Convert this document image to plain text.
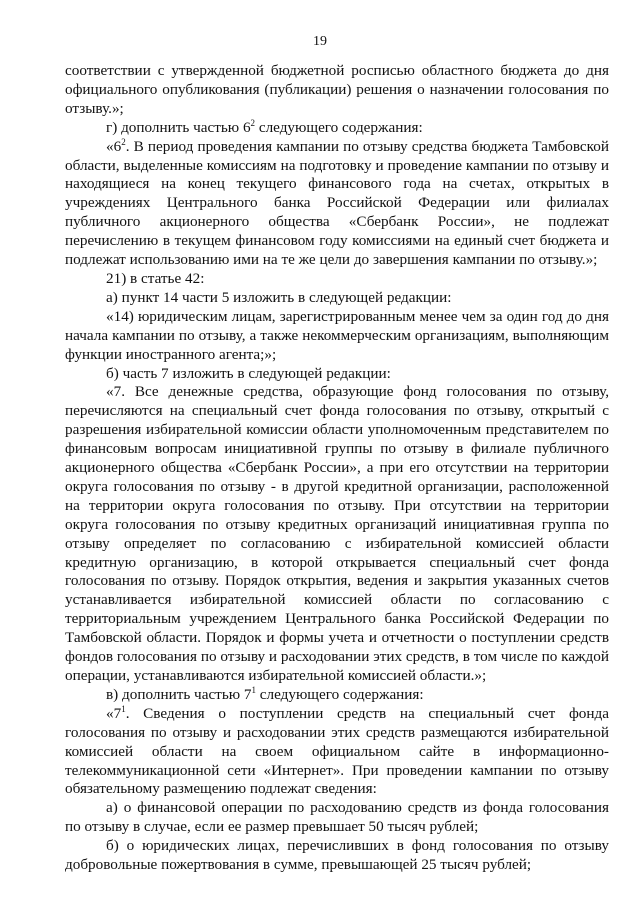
19

соответствии с утвержденной бюджетной росписью областного бюджета до дня официального опубликования (публикации) решения о назначении голосования по отзыву.»;

г) дополнить частью $6^2$ следующего содержания:

«$6^2$. В период проведения кампании по отзыву средства бюджета Тамбовской области, выделенные комиссиям на подготовку и проведение кампании по отзыву и находящиеся на конец текущего финансового года на счетах, открытых в учреждениях Центрального банка Российской Федерации или филиалах публичного акционерного общества «Сбербанк России», не подлежат перечислению в текущем финансовом году комиссиями на единый счет бюджета и подлежат использованию ими на те же цели до завершения кампании по отзыву.»;

21) в статье 42:

а) пункт 14 части 5 изложить в следующей редакции:

«14) юридическим лицам, зарегистрированным менее чем за один год до дня начала кампании по отзыву, а также некоммерческим организациям, выполняющим функции иностранного агента;»;

б) часть 7 изложить в следующей редакции:

«7. Все денежные средства, образующие фонд голосования по отзыву, перечисляются на специальный счет фонда голосования по отзыву, открытый с разрешения избирательной комиссии области уполномоченным представителем по финансовым вопросам инициативной группы по отзыву в филиале публичного акционерного общества «Сбербанк России», а при его отсутствии на территории округа голосования по отзыву - в другой кредитной организации, расположенной на территории округа голосования по отзыву. При отсутствии на территории округа голосования по отзыву кредитных организаций инициативная группа по отзыву определяет по согласованию с избирательной комиссией области кредитную организацию, в которой открывается специальный счет фонда голосования по отзыву. Порядок открытия, ведения и закрытия указанных счетов устанавливается избирательной комиссией области по согласованию с территориальным учреждением Центрального банка Российской Федерации по Тамбовской области. Порядок и формы учета и отчетности о поступлении средств фондов голосования по отзыву и расходовании этих средств, в том числе по каждой операции, устанавливаются избирательной комиссией области.»;

в) дополнить частью $7^1$ следующего содержания:

«$7^1$. Сведения о поступлении средств на специальный счет фонда голосования по отзыву и расходовании этих средств размещаются избирательной комиссией области на своем официальном сайте в информационно-телекоммуникационной сети «Интернет». При проведении кампании по отзыву обязательному размещению подлежат сведения:

а) о финансовой операции по расходованию средств из фонда голосования по отзыву в случае, если ее размер превышает 50 тысяч рублей;

б) о юридических лицах, перечисливших в фонд голосования по отзыву добровольные пожертвования в сумме, превышающей 25 тысяч рублей;
